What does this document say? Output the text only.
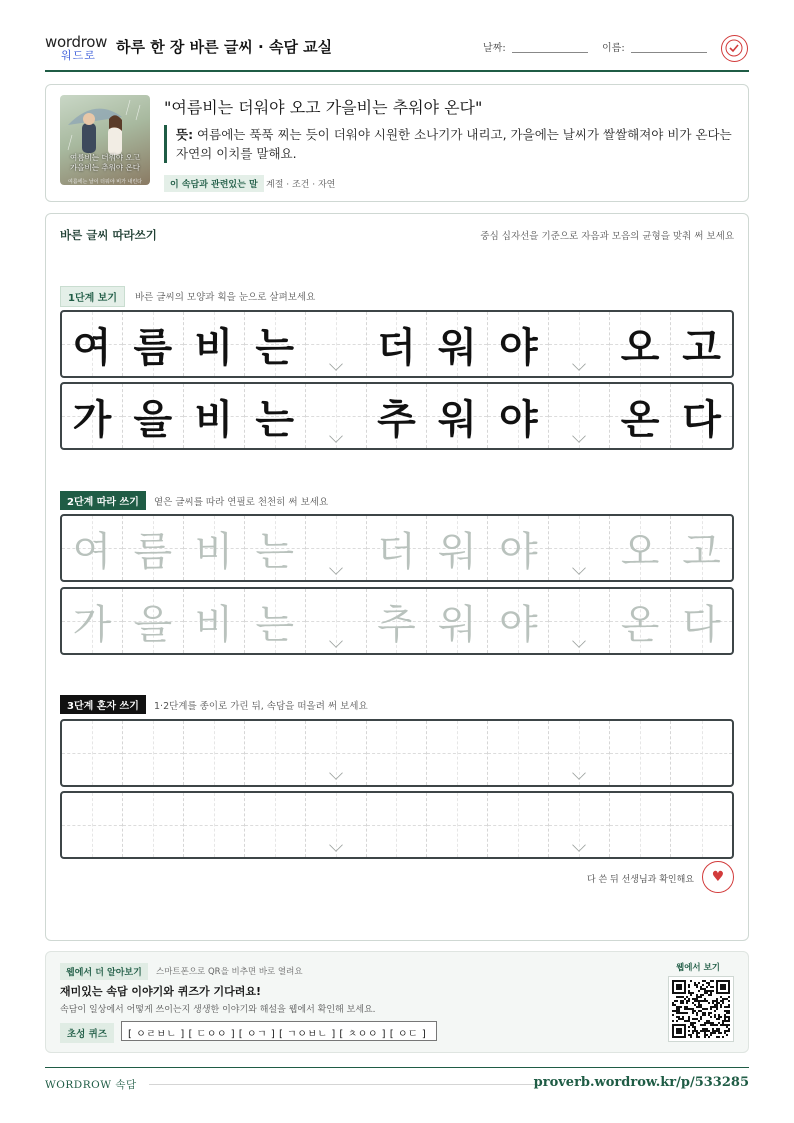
wordrow
워드로 하루 한 장 바른 글씨 · 속담 교실	날짜:	이름:
여름비는 더워야 오고
가을비는 추워야 온다
여름에는 날이 더워야 비가 내린다
"여름비는 더워야 오고 가을비는 추워야 온다"
뜻: 여름에는 푹푹 찌는 듯이 더워야 시원한 소나기가 내리고, 가을에는 날씨가 쌀쌀해져야 비가 온다는 자연의 이치를 말해요.
이 속담과 관련있는 말 계절 · 조건 · 자연
바른 글씨 따라쓰기	중심 십자선을 기준으로 자음과 모음의 균형을 맞춰 써 보세요
1단계 보기	바른 글씨의 모양과 획을 눈으로 살펴보세요
여 름 비 는 더 워 야 오 고
가 을 비 는 추 워 야 온 다
2단계 따라 쓰기	옅은 글씨를 따라 연필로 천천히 써 보세요
여 름 비 는 더 워 야 오 고
가 을 비 는 추 워 야 온 다
3단계 혼자 쓰기	1·2단계를 종이로 가린 뒤, 속담을 떠올려 써 보세요
다 쓴 뒤 선생님과 확인해요	♥
웹에서 더 알아보기	스마트폰으로 QR을 비추면 바로 열려요
재미있는 속담 이야기와 퀴즈가 기다려요!
속담이 일상에서 어떻게 쓰이는지 생생한 이야기와 해설을 웹에서 확인해 보세요.
초성 퀴즈	[ ㅇㄹㅂㄴ ] [ ㄷㅇㅇ ] [ ㅇㄱ ] [ ㄱㅇㅂㄴ ] [ ㅊㅇㅇ ] [ ㅇㄷ ]
웹에서 보기
WORDROW 속담	proverb.wordrow.kr/p/533285
